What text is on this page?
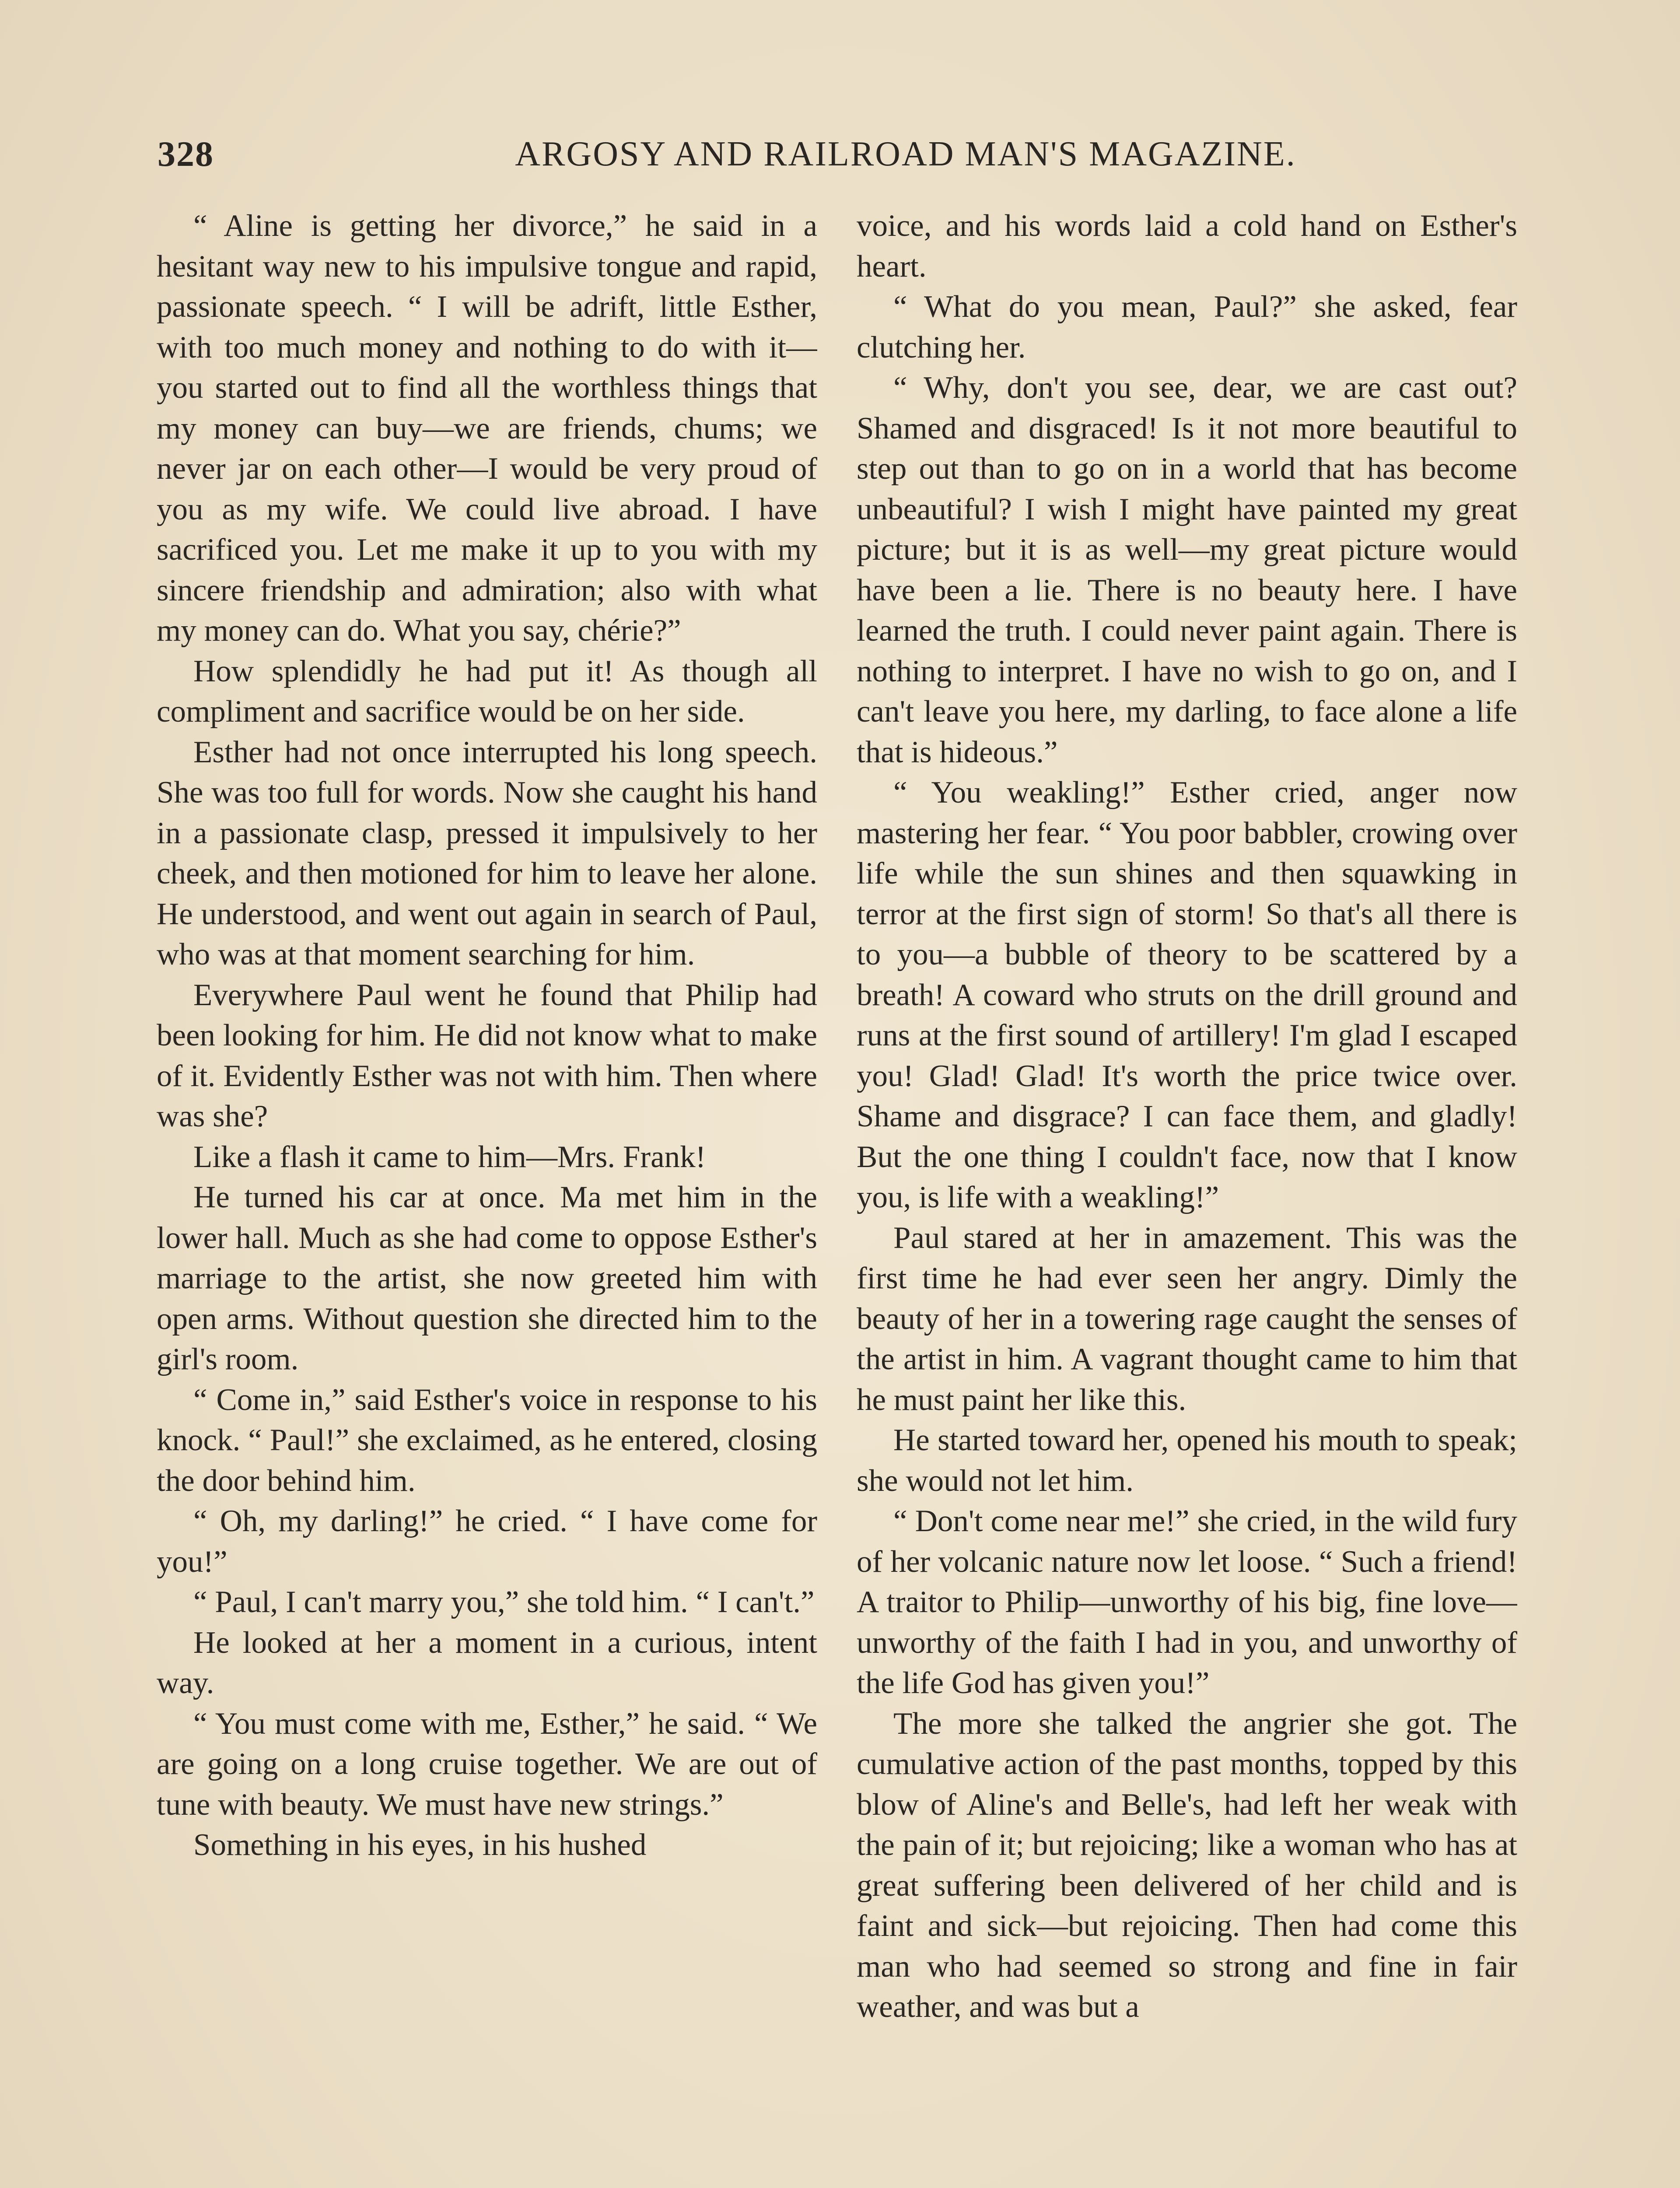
328	ARGOSY AND RAILROAD MAN'S MAGAZINE.

“ Aline is getting her divorce,” he said in a hesitant way new to his impulsive tongue and rapid, passionate speech. “ I will be adrift, little Esther, with too much money and nothing to do with it—you started out to find all the worthless things that my money can buy—we are friends, chums; we never jar on each other—I would be very proud of you as my wife. We could live abroad. I have sacrificed you. Let me make it up to you with my sincere friendship and admiration; also with what my money can do. What you say, chérie?”

How splendidly he had put it! As though all compliment and sacrifice would be on her side.

Esther had not once interrupted his long speech. She was too full for words. Now she caught his hand in a passionate clasp, pressed it impulsively to her cheek, and then motioned for him to leave her alone. He understood, and went out again in search of Paul, who was at that moment searching for him.

Everywhere Paul went he found that Philip had been looking for him. He did not know what to make of it. Evidently Esther was not with him. Then where was she?

Like a flash it came to him—Mrs. Frank!

He turned his car at once. Ma met him in the lower hall. Much as she had come to oppose Esther's marriage to the artist, she now greeted him with open arms. Without question she directed him to the girl's room.

“ Come in,” said Esther's voice in response to his knock. “ Paul!” she exclaimed, as he entered, closing the door behind him.

“ Oh, my darling!” he cried. “ I have come for you!”

“ Paul, I can't marry you,” she told him. “ I can't.”

He looked at her a moment in a curious, intent way.

“ You must come with me, Esther,” he said. “ We are going on a long cruise together. We are out of tune with beauty. We must have new strings.”

Something in his eyes, in his hushed

voice, and his words laid a cold hand on Esther's heart.

“ What do you mean, Paul?” she asked, fear clutching her.

“ Why, don't you see, dear, we are cast out? Shamed and disgraced! Is it not more beautiful to step out than to go on in a world that has become unbeautiful? I wish I might have painted my great picture; but it is as well—my great picture would have been a lie. There is no beauty here. I have learned the truth. I could never paint again. There is nothing to interpret. I have no wish to go on, and I can't leave you here, my darling, to face alone a life that is hideous.”

“ You weakling!” Esther cried, anger now mastering her fear. “ You poor babbler, crowing over life while the sun shines and then squawking in terror at the first sign of storm! So that's all there is to you—a bubble of theory to be scattered by a breath! A coward who struts on the drill ground and runs at the first sound of artillery! I'm glad I escaped you! Glad! Glad! It's worth the price twice over. Shame and disgrace? I can face them, and gladly! But the one thing I couldn't face, now that I know you, is life with a weakling!”

Paul stared at her in amazement. This was the first time he had ever seen her angry. Dimly the beauty of her in a towering rage caught the senses of the artist in him. A vagrant thought came to him that he must paint her like this.

He started toward her, opened his mouth to speak; she would not let him.

“ Don't come near me!” she cried, in the wild fury of her volcanic nature now let loose. “ Such a friend! A traitor to Philip—unworthy of his big, fine love—unworthy of the faith I had in you, and unworthy of the life God has given you!”

The more she talked the angrier she got. The cumulative action of the past months, topped by this blow of Aline's and Belle's, had left her weak with the pain of it; but rejoicing; like a woman who has at great suffering been delivered of her child and is faint and sick—but rejoicing. Then had come this man who had seemed so strong and fine in fair weather, and was but a
